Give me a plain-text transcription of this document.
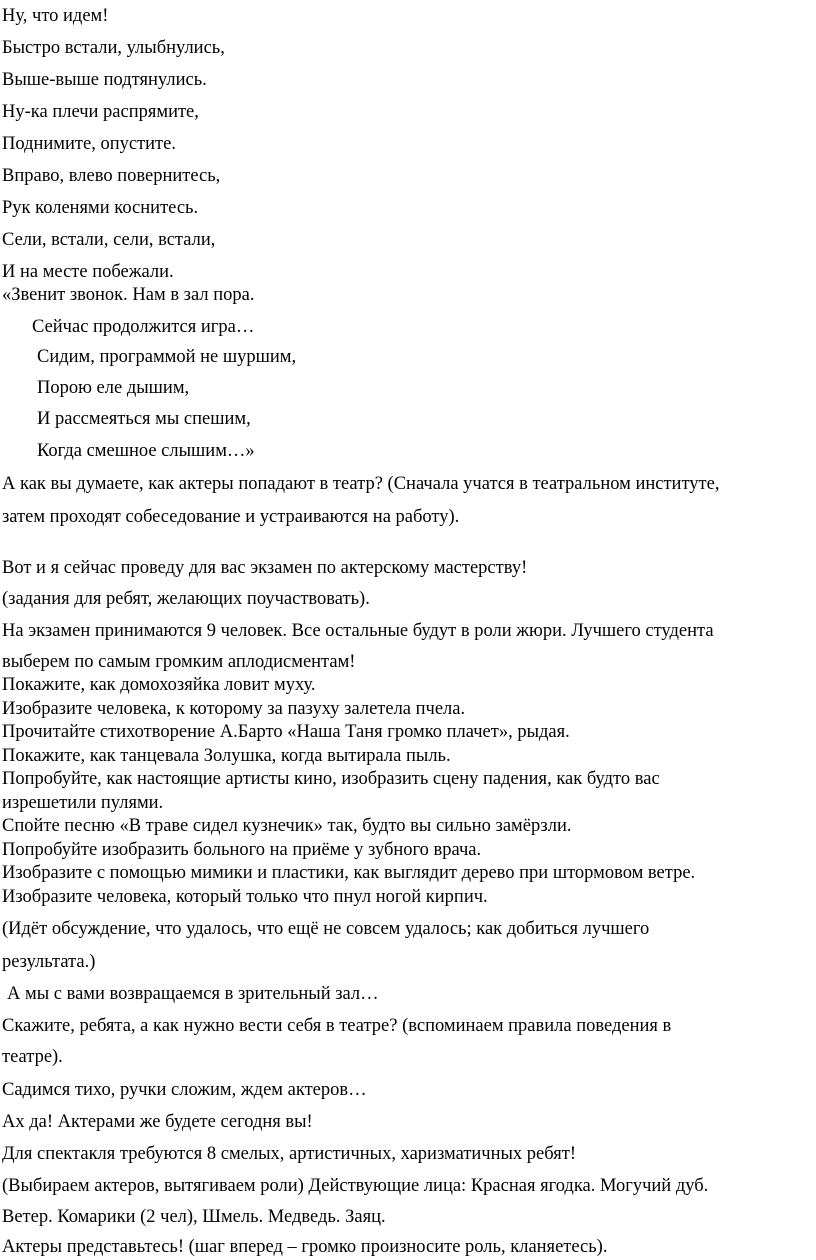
Ну, что идем!
Быстро встали, улыбнулись,
Выше-выше подтянулись.
Ну-ка плечи распрямите,
Поднимите, опустите.
Вправо, влево повернитесь,
Рук коленями коснитесь.
Сели, встали, сели, встали,
И на месте побежали.
«Звенит звонок. Нам в зал пора.
Сейчас продолжится игра…
Сидим, программой не шуршим,
Порою еле дышим,
И рассмеяться мы спешим,
Когда смешное слышим…»
А как вы думаете, как актеры попадают в театр? (Сначала учатся в театральном институте,
затем проходят собеседование и устраиваются на работу).
Вот и я сейчас проведу для вас экзамен по актерскому мастерству!
(задания для ребят, желающих поучаствовать).
На экзамен принимаются 9 человек. Все остальные будут в роли жюри. Лучшего студента
выберем по самым громким аплодисментам!
Покажите, как домохозяйка ловит муху.
Изобразите человека, к которому за пазуху залетела пчела.
Прочитайте стихотворение А.Барто «Наша Таня громко плачет», рыдая.
Покажите, как танцевала Золушка, когда вытирала пыль.
Попробуйте, как настоящие артисты кино, изобразить сцену падения, как будто вас
изрешетили пулями.
Спойте песню «В траве сидел кузнечик» так, будто вы сильно замёрзли.
Попробуйте изобразить больного на приёме у зубного врача.
Изобразите с помощью мимики и пластики, как выглядит дерево при штормовом ветре.
Изобразите человека, который только что пнул ногой кирпич.
(Идёт обсуждение, что удалось, что ещё не совсем удалось; как добиться лучшего
результата.)
А мы с вами возвращаемся в зрительный зал…
Скажите, ребята, а как нужно вести себя в театре? (вспоминаем правила поведения в
театре).
Садимся тихо, ручки сложим, ждем актеров…
Ах да! Актерами же будете сегодня вы!
Для спектакля требуются 8 смелых, артистичных, харизматичных ребят!
(Выбираем актеров, вытягиваем роли) Действующие лица: Красная ягодка. Могучий дуб.
Ветер. Комарики (2 чел), Шмель. Медведь. Заяц.
Актеры представьтесь! (шаг вперед – громко произносите роль, кланяетесь).
